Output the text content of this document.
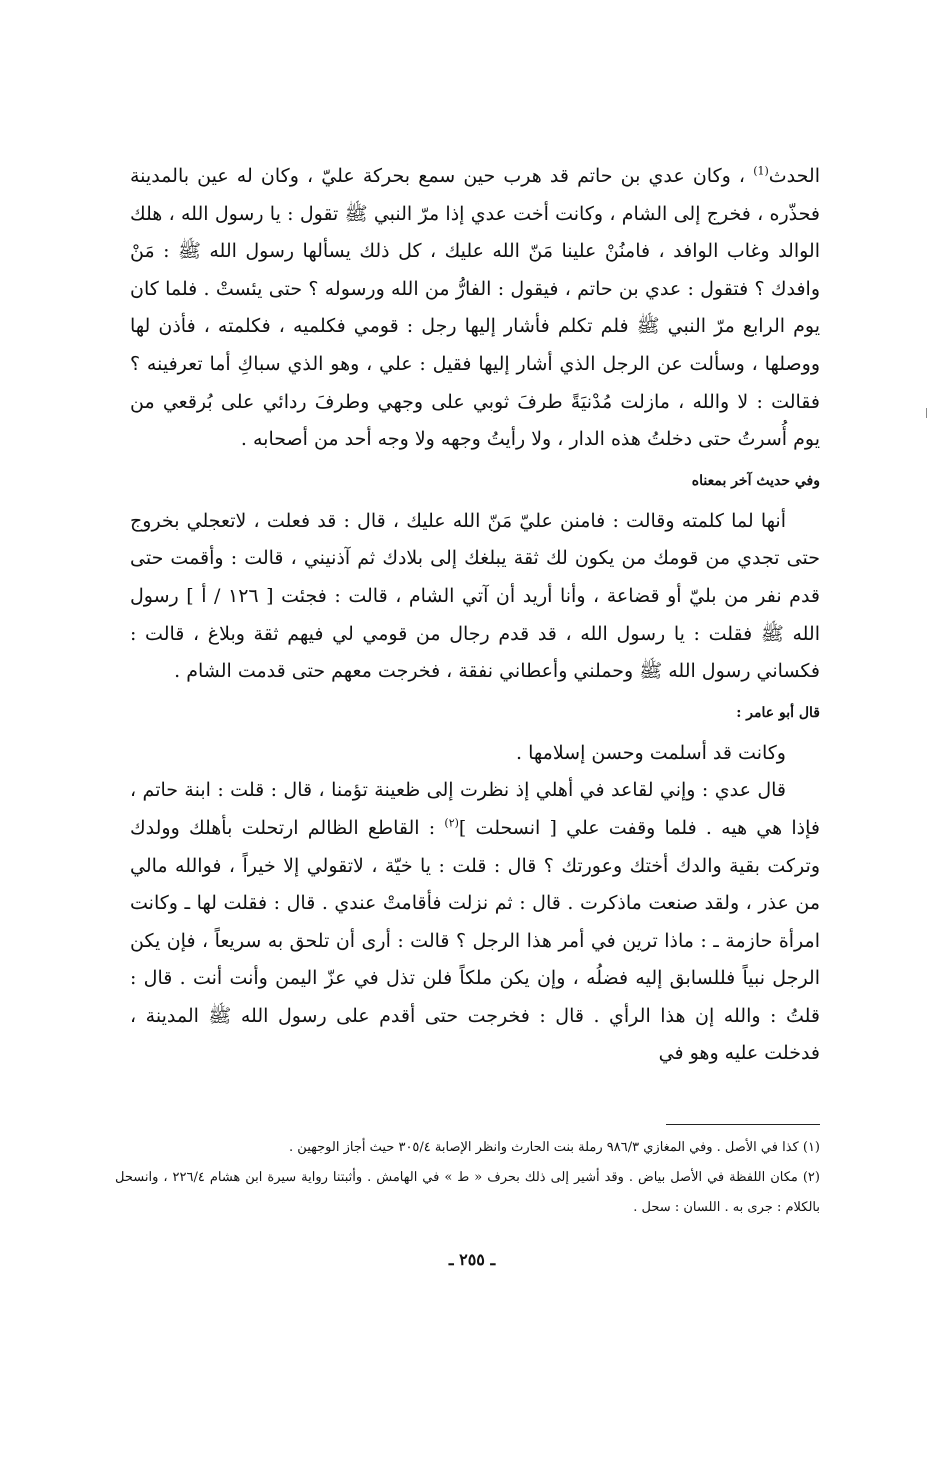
الحدث$^{(1)}$ ، وكان عدي بن حاتم قد هرب حين سمع بحركة عليّ ، وكان له عين بالمدينة فحذّره ، فخرج إلى الشام ، وكانت أخت عدي إذا مرّ النبي ﷺ تقول : يا رسول الله ، هلك الوالد وغاب الوافد ، فامنُنْ علينا مَنّ الله عليك ، كل ذلك يسألها رسول الله ﷺ : مَنْ وافدك ؟ فتقول : عدي بن حاتم ، فيقول : الفارُّ من الله ورسوله ؟ حتى يئستْ . فلما كان يوم الرابع مرّ النبي ﷺ فلم تكلم فأشار إليها رجل : قومي فكلميه ، فكلمته ، فأذن لها ووصلها ، وسألت عن الرجل الذي أشار إليها فقيل : علي ، وهو الذي سباكِ أما تعرفينه ؟ فقالت : لا والله ، مازلت مُدْنيَةً طرفَ ثوبي على وجهي وطرفَ ردائي على بُرقعي من يوم أُسرتُ حتى دخلتُ هذه الدار ، ولا رأيتُ وجهه ولا وجه أحد من أصحابه .

وفي حديث آخر بمعناه

أنها لما كلمته وقالت : فامنن عليّ مَنّ الله عليك ، قال : قد فعلت ، لاتعجلي بخروج حتى تجدي من قومك من يكون لك ثقة يبلغك إلى بلادك ثم آذنيني ، قالت : وأقمت حتى قدم نفر من بليّ أو قضاعة ، وأنا أريد أن آتي الشام ، قالت : فجئت [ ١٢٦ / أ ] رسول الله ﷺ فقلت : يا رسول الله ، قد قدم رجال من قومي لي فيهم ثقة وبلاغ ، قالت : فكساني رسول الله ﷺ وحملني وأعطاني نفقة ، فخرجت معهم حتى قدمت الشام .

قال أبو عامر :

وكانت قد أسلمت وحسن إسلامها .

قال عدي : وإني لقاعد في أهلي إذ نظرت إلى ظعينة تؤمنا ، قال : قلت : ابنة حاتم ، فإذا هي هيه . فلما وقفت علي [ انسحلت ]$^{(٢)}$ : القاطع الظالم ارتحلت بأهلك وولدك وتركت بقية والدك أختك وعورتك ؟ قال : قلت : يا خيّة ، لاتقولي إلا خيراً ، فوالله مالي من عذر ، ولقد صنعت ماذكرت . قال : ثم نزلت فأقامتْ عندي . قال : فقلت لها ـ وكانت امرأة حازمة ـ : ماذا ترين في أمر هذا الرجل ؟ قالت : أرى أن تلحق به سريعاً ، فإن يكن الرجل نبياً فللسابق إليه فضلُه ، وإن يكن ملكاً فلن تذل في عزّ اليمن وأنت أنت . قال : قلتُ : والله إن هذا الرأي . قال : فخرجت حتى أقدم على رسول الله ﷺ المدينة ، فدخلت عليه وهو في

(١) كذا في الأصل . وفي المغازي ٩٨٦/٣ رملة بنت الحارث وانظر الإصابة ٣٠٥/٤ حيث أجاز الوجهين .

(٢) مكان اللفظة في الأصل بياض . وقد أشير إلى ذلك بحرف « ط » في الهامش . وأثبتنا رواية سيرة ابن هشام ٢٢٦/٤ ، وانسحل بالكلام : جرى به . اللسان : سحل .

ـ ٢٥٥ ـ
